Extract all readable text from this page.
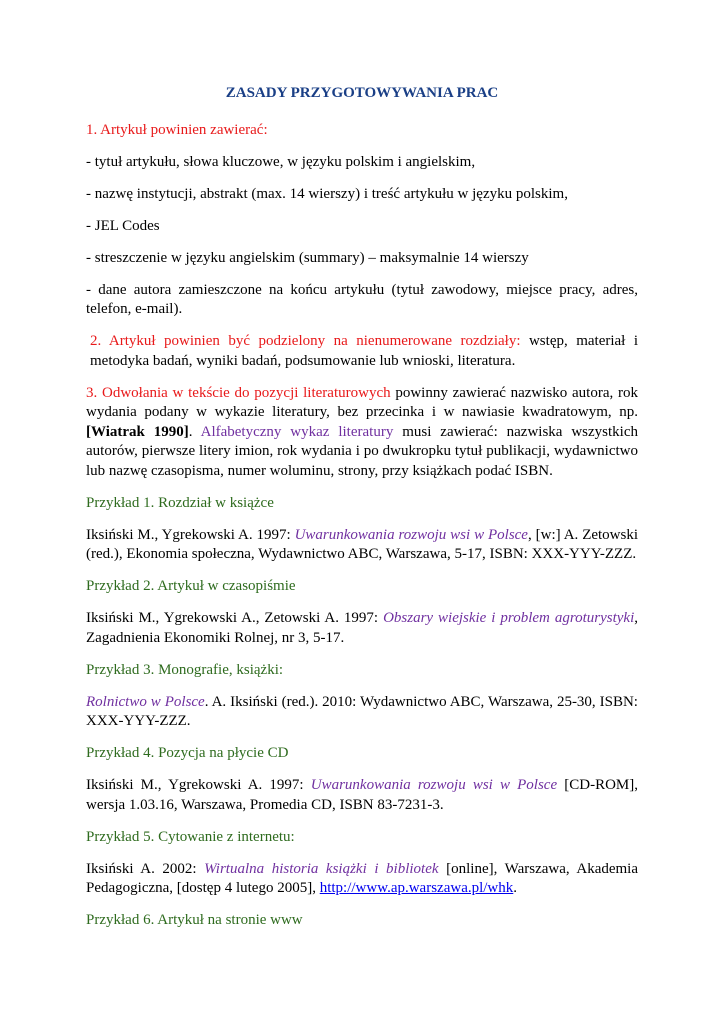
ZASADY PRZYGOTOWYWANIA PRAC

1. Artykuł powinien zawierać:

- tytuł artykułu, słowa kluczowe, w języku polskim i angielskim,

- nazwę instytucji, abstrakt (max. 14 wierszy) i treść artykułu w języku polskim,

- JEL Codes

- streszczenie w języku angielskim (summary) – maksymalnie 14 wierszy

- dane autora zamieszczone na końcu artykułu (tytuł zawodowy, miejsce pracy, adres, telefon, e-mail).

2. Artykuł powinien być podzielony na nienumerowane rozdziały: wstęp, materiał i metodyka badań, wyniki badań, podsumowanie lub wnioski, literatura.

3. Odwołania w tekście do pozycji literaturowych powinny zawierać nazwisko autora, rok wydania podany w wykazie literatury, bez przecinka i w nawiasie kwadratowym, np. [Wiatrak 1990]. Alfabetyczny wykaz literatury musi zawierać: nazwiska wszystkich autorów, pierwsze litery imion, rok wydania i po dwukropku tytuł publikacji, wydawnictwo lub nazwę czasopisma, numer woluminu, strony, przy książkach podać ISBN.

Przykład 1. Rozdział w książce

Iksiński M., Ygrekowski A. 1997: Uwarunkowania rozwoju wsi w Polsce, [w:] A. Zetowski (red.), Ekonomia społeczna, Wydawnictwo ABC, Warszawa, 5-17, ISBN: XXX-YYY-ZZZ.

Przykład 2. Artykuł w czasopiśmie

Iksiński M., Ygrekowski A., Zetowski A. 1997: Obszary wiejskie i problem agroturystyki, Zagadnienia Ekonomiki Rolnej, nr 3, 5-17.

Przykład 3. Monografie, książki:

Rolnictwo w Polsce. A. Iksiński (red.). 2010: Wydawnictwo ABC, Warszawa, 25-30, ISBN: XXX-YYY-ZZZ.

Przykład 4. Pozycja na płycie CD

Iksiński M., Ygrekowski A. 1997: Uwarunkowania rozwoju wsi w Polsce [CD-ROM], wersja 1.03.16, Warszawa, Promedia CD, ISBN 83-7231-3.

Przykład 5. Cytowanie z internetu:

Iksiński A. 2002: Wirtualna historia książki i bibliotek [online], Warszawa, Akademia Pedagogiczna, [dostęp 4 lutego 2005], http://www.ap.warszawa.pl/whk.

Przykład 6. Artykuł na stronie www
